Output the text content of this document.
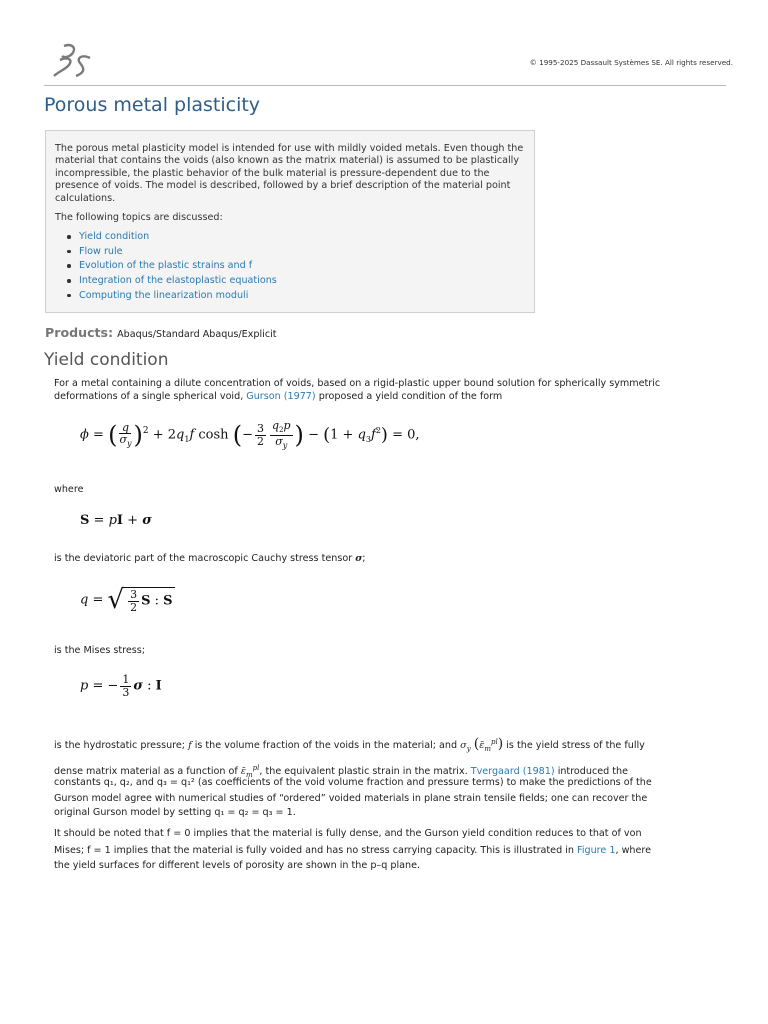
© 1995-2025 Dassault Systèmes SE. All rights reserved.
Porous metal plasticity
The porous metal plasticity model is intended for use with mildly voided metals. Even though the material that contains the voids (also known as the matrix material) is assumed to be plastically incompressible, the plastic behavior of the bulk material is pressure-dependent due to the presence of voids. The model is described, followed by a brief description of the material point calculations.
The following topics are discussed:
Yield condition
Flow rule
Evolution of the plastic strains and f
Integration of the elastoplastic equations
Computing the linearization moduli
Products: Abaqus/Standard Abaqus/Explicit
Yield condition
For a metal containing a dilute concentration of voids, based on a rigid-plastic upper bound solution for spherically symmetric deformations of a single spherical void, Gurson (1977) proposed a yield condition of the form
ϕ = ( $\frac{q}{\sigma_y} )^2 + 2q_1f$ cosh (− $\frac{3}{2} \frac{q_2p}{\sigma_y}$ ) − $(1 + q_3f^2) = 0$,
where
S = pI + σ
is the deviatoric part of the macroscopic Cauchy stress tensor σ;
q = √ $\frac{3}{2}$ S : S
is the Mises stress;
p = − $\frac{1}{3}$ σ : I
is the hydrostatic pressure; f is the volume fraction of the voids in the material; and $\sigma_y$ $(\varepsilon̄_m^{pl})$ is the yield stress of the fully
dense matrix material as a function of $\varepsilon̄_m^{pl}$, the equivalent plastic strain in the matrix. Tvergaard (1981) introduced the
constants q₁, q₂, and q₃ = q₁² (as coefficients of the void volume fraction and pressure terms) to make the predictions of the
Gurson model agree with numerical studies of “ordered” voided materials in plane strain tensile fields; one can recover the
original Gurson model by setting q₁ = q₂ = q₃ = 1.
It should be noted that f = 0 implies that the material is fully dense, and the Gurson yield condition reduces to that of von
Mises; f = 1 implies that the material is fully voided and has no stress carrying capacity. This is illustrated in Figure 1, where
the yield surfaces for different levels of porosity are shown in the p–q plane.
